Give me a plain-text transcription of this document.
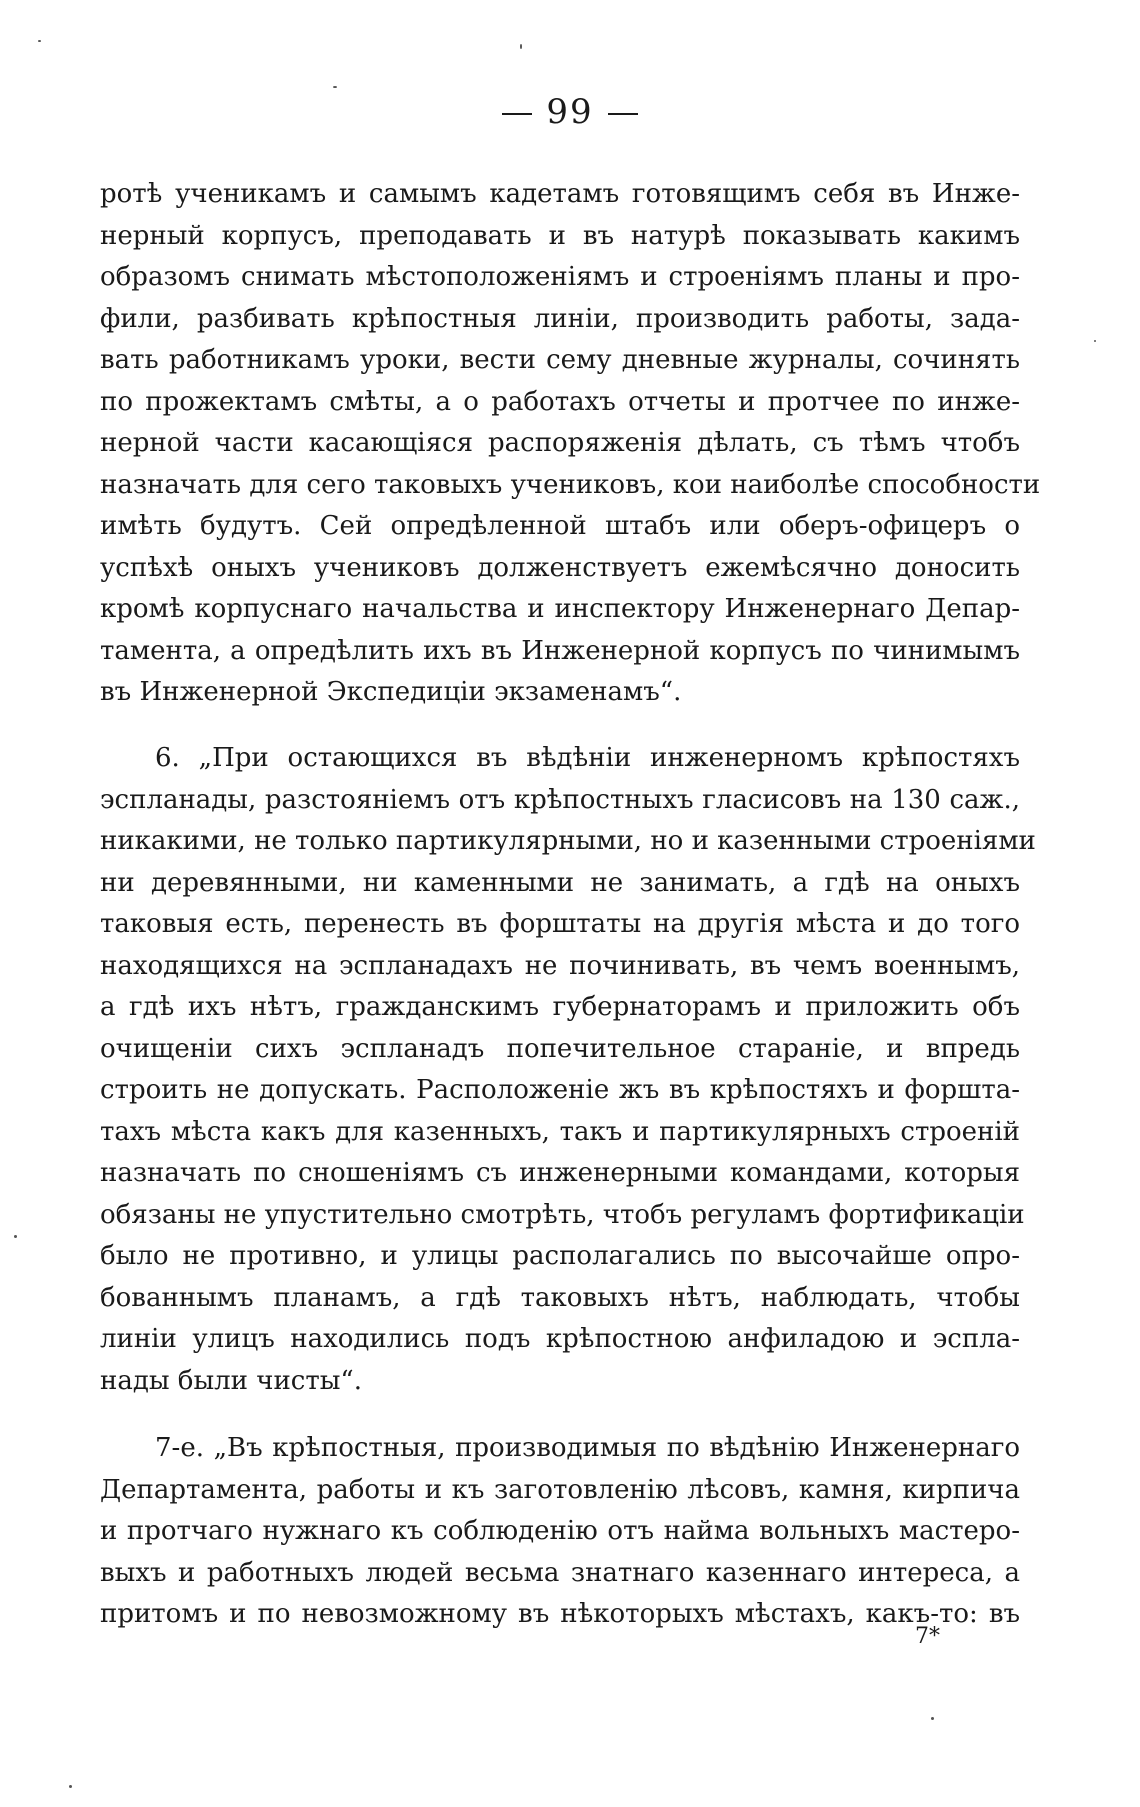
99
ротѣ ученикамъ и самымъ кадетамъ готовящимъ себя въ Инже-
нерный корпусъ, преподавать и въ натурѣ показывать какимъ
образомъ снимать мѣстоположеніямъ и строеніямъ планы и про-
фили, разбивать крѣпостныя линіи, производить работы, зада-
вать работникамъ уроки, вести сему дневные журналы, сочинять
по прожектамъ смѣты, а о работахъ отчеты и протчее по инже-
нерной части касающіяся распоряженія дѣлать, съ тѣмъ чтобъ
назначать для сего таковыхъ учениковъ, кои наиболѣе способности
имѣть будутъ. Сей опредѣленной штабъ или оберъ-офицеръ о
успѣхѣ оныхъ учениковъ долженствуетъ ежемѣсячно доносить
кромѣ корпуснаго начальства и инспектору Инженернаго Депар-
тамента, а опредѣлить ихъ въ Инженерной корпусъ по чинимымъ
въ Инженерной Экспедиціи экзаменамъ“.
6. „При остающихся въ вѣдѣніи инженерномъ крѣпостяхъ
эспланады, разстояніемъ отъ крѣпостныхъ гласисовъ на 130 саж.,
никакими, не только партикулярными, но и казенными строеніями
ни деревянными, ни каменными не занимать, а гдѣ на оныхъ
таковыя есть, перенесть въ форштаты на другія мѣста и до того
находящихся на эспланадахъ не починивать, въ чемъ военнымъ,
а гдѣ ихъ нѣтъ, гражданскимъ губернаторамъ и приложить объ
очищеніи сихъ эспланадъ попечительное стараніе, и впредь
строить не допускать. Расположеніе жъ въ крѣпостяхъ и форшта-
тахъ мѣста какъ для казенныхъ, такъ и партикулярныхъ строеній
назначать по сношеніямъ съ инженерными командами, которыя
обязаны не упустительно смотрѣть, чтобъ регуламъ фортификаціи
было не противно, и улицы располагались по высочайше опро-
бованнымъ планамъ, а гдѣ таковыхъ нѣтъ, наблюдать, чтобы
линіи улицъ находились подъ крѣпостною анфиладою и эспла-
нады были чисты“.
7-е. „Въ крѣпостныя, производимыя по вѣдѣнію Инженернаго
Департамента, работы и къ заготовленію лѣсовъ, камня, кирпича
и протчаго нужнаго къ соблюденію отъ найма вольныхъ мастеро-
выхъ и работныхъ людей весьма знатнаго казеннаго интереса, а
притомъ и по невозможному въ нѣкоторыхъ мѣстахъ, какъ-то: въ
7*
